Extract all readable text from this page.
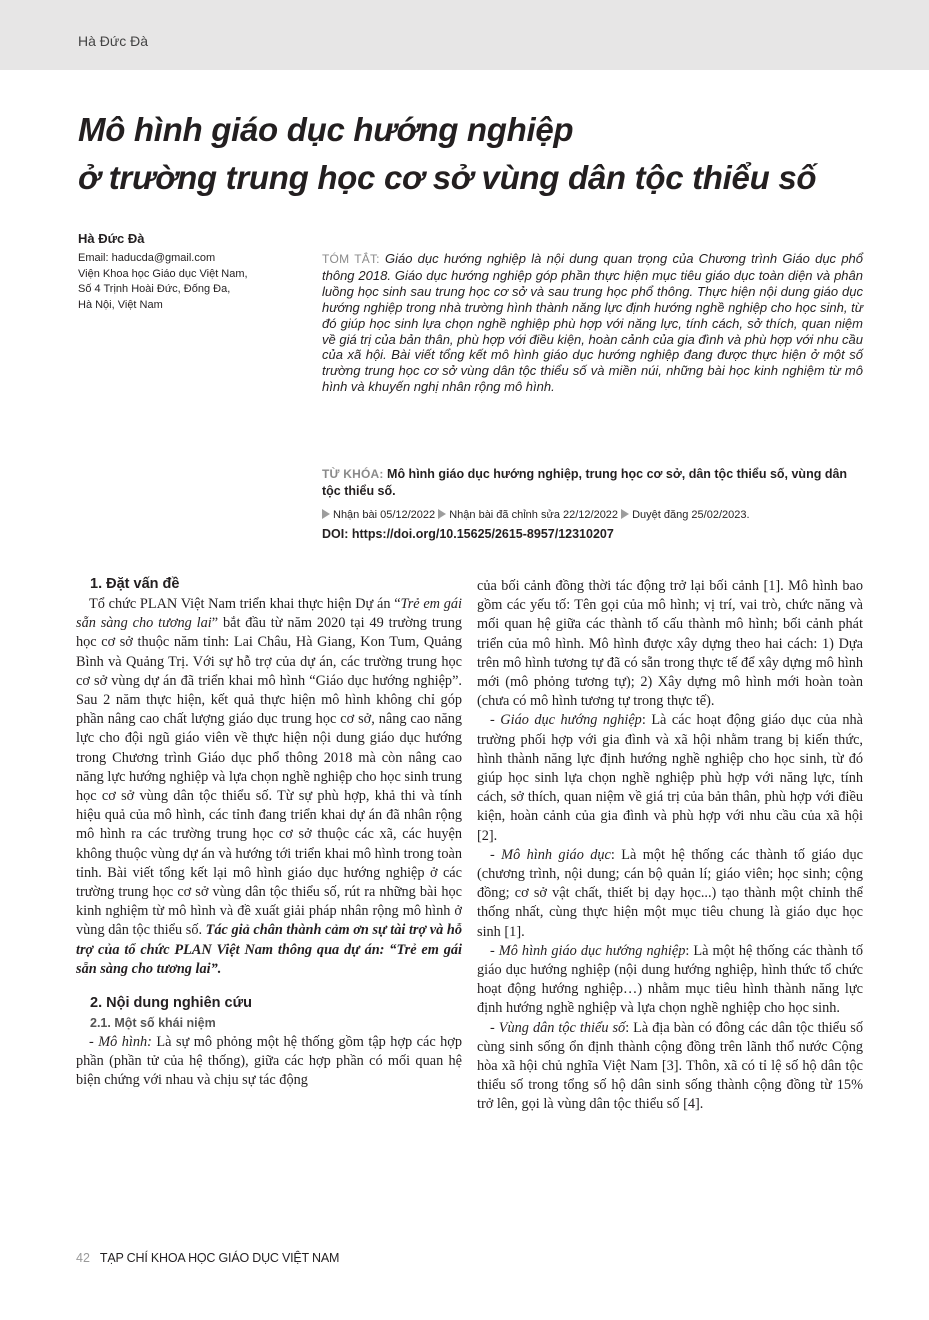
Hà Đức Đà
Mô hình giáo dục hướng nghiệp
ở trường trung học cơ sở vùng dân tộc thiểu số
Hà Đức Đà
Email: haducda@gmail.com
Viện Khoa học Giáo dục Việt Nam,
Số 4 Trịnh Hoài Đức, Đống Đa,
Hà Nội, Việt Nam

TÓM TẮT: Giáo dục hướng nghiệp là nội dung quan trọng của Chương trình Giáo dục phổ thông 2018. Giáo dục hướng nghiệp góp phần thực hiện mục tiêu giáo dục toàn diện và phân luồng học sinh sau trung học cơ sở và sau trung học phổ thông. Thực hiện nội dung giáo dục hướng nghiệp trong nhà trường hình thành năng lực định hướng nghề nghiệp cho học sinh, từ đó giúp học sinh lựa chọn nghề nghiệp phù hợp với năng lực, tính cách, sở thích, quan niệm về giá trị của bản thân, phù hợp với điều kiện, hoàn cảnh của gia đình và phù hợp với nhu cầu của xã hội. Bài viết tổng kết mô hình giáo dục hướng nghiệp đang được thực hiện ở một số trường trung học cơ sở vùng dân tộc thiểu số và miền núi, những bài học kinh nghiệm từ mô hình và khuyến nghị nhân rộng mô hình.

TỪ KHÓA: Mô hình giáo dục hướng nghiệp, trung học cơ sở, dân tộc thiểu số, vùng dân tộc thiểu số.

Nhận bài 05/12/2022 Nhận bài đã chỉnh sửa 22/12/2022 Duyệt đăng 25/02/2023.
DOI: https://doi.org/10.15625/2615-8957/12310207
1. Đặt vấn đề

Tổ chức PLAN Việt Nam triển khai thực hiện Dự án “Trẻ em gái sẵn sàng cho tương lai” bắt đầu từ năm 2020 tại 49 trường trung học cơ sở thuộc năm tỉnh: Lai Châu, Hà Giang, Kon Tum, Quảng Bình và Quảng Trị. Với sự hỗ trợ của dự án, các trường trung học cơ sở vùng dự án đã triển khai mô hình “Giáo dục hướng nghiệp”. Sau 2 năm thực hiện, kết quả thực hiện mô hình không chỉ góp phần nâng cao chất lượng giáo dục trung học cơ sở, nâng cao năng lực cho đội ngũ giáo viên về thực hiện nội dung giáo dục hướng trong Chương trình Giáo dục phổ thông 2018 mà còn nâng cao năng lực hướng nghiệp và lựa chọn nghề nghiệp cho học sinh trung học cơ sở vùng dân tộc thiểu số. Từ sự phù hợp, khả thi và tính hiệu quả của mô hình, các tỉnh đang triển khai dự án đã nhân rộng mô hình ra các trường trung học cơ sở thuộc các xã, các huyện không thuộc vùng dự án và hướng tới triển khai mô hình trong toàn tỉnh. Bài viết tổng kết lại mô hình giáo dục hướng nghiệp ở các trường trung học cơ sở vùng dân tộc thiểu số, rút ra những bài học kinh nghiệm từ mô hình và đề xuất giải pháp nhân rộng mô hình ở vùng dân tộc thiểu số. Tác giả chân thành cảm ơn sự tài trợ và hỗ trợ của tổ chức PLAN Việt Nam thông qua dự án: “Trẻ em gái sẵn sàng cho tương lai”.

2. Nội dung nghiên cứu
2.1. Một số khái niệm

- Mô hình: Là sự mô phỏng một hệ thống gồm tập hợp các hợp phần (phần tử của hệ thống), giữa các hợp phần có mối quan hệ biện chứng với nhau và chịu sự tác động

của bối cảnh đồng thời tác động trở lại bối cảnh [1]. Mô hình bao gồm các yếu tố: Tên gọi của mô hình; vị trí, vai trò, chức năng và mối quan hệ giữa các thành tố cấu thành mô hình; bối cảnh phát triển của mô hình. Mô hình được xây dựng theo hai cách: 1) Dựa trên mô hình tương tự đã có sẵn trong thực tế để xây dựng mô hình mới (mô phỏng tương tự); 2) Xây dựng mô hình mới hoàn toàn (chưa có mô hình tương tự trong thực tế).

- Giáo dục hướng nghiệp: Là các hoạt động giáo dục của nhà trường phối hợp với gia đình và xã hội nhằm trang bị kiến thức, hình thành năng lực định hướng nghề nghiệp cho học sinh, từ đó giúp học sinh lựa chọn nghề nghiệp phù hợp với năng lực, tính cách, sở thích, quan niệm về giá trị của bản thân, phù hợp với điều kiện, hoàn cảnh của gia đình và phù hợp với nhu cầu của xã hội [2].

- Mô hình giáo dục: Là một hệ thống các thành tố giáo dục (chương trình, nội dung; cán bộ quản lí; giáo viên; học sinh; cộng đồng; cơ sở vật chất, thiết bị dạy học...) tạo thành một chỉnh thể thống nhất, cùng thực hiện một mục tiêu chung là giáo dục học sinh [1].

- Mô hình giáo dục hướng nghiệp: Là một hệ thống các thành tố giáo dục hướng nghiệp (nội dung hướng nghiệp, hình thức tổ chức hoạt động hướng nghiệp…) nhằm mục tiêu hình thành năng lực định hướng nghề nghiệp và lựa chọn nghề nghiệp cho học sinh.

- Vùng dân tộc thiểu số: Là địa bàn có đông các dân tộc thiểu số cùng sinh sống ổn định thành cộng đồng trên lãnh thổ nước Cộng hòa xã hội chủ nghĩa Việt Nam [3]. Thôn, xã có tỉ lệ số hộ dân tộc thiểu số trong tổng số hộ dân sinh sống thành cộng đồng từ 15% trở lên, gọi là vùng dân tộc thiểu số [4].

42 TẠP CHÍ KHOA HỌC GIÁO DỤC VIỆT NAM
